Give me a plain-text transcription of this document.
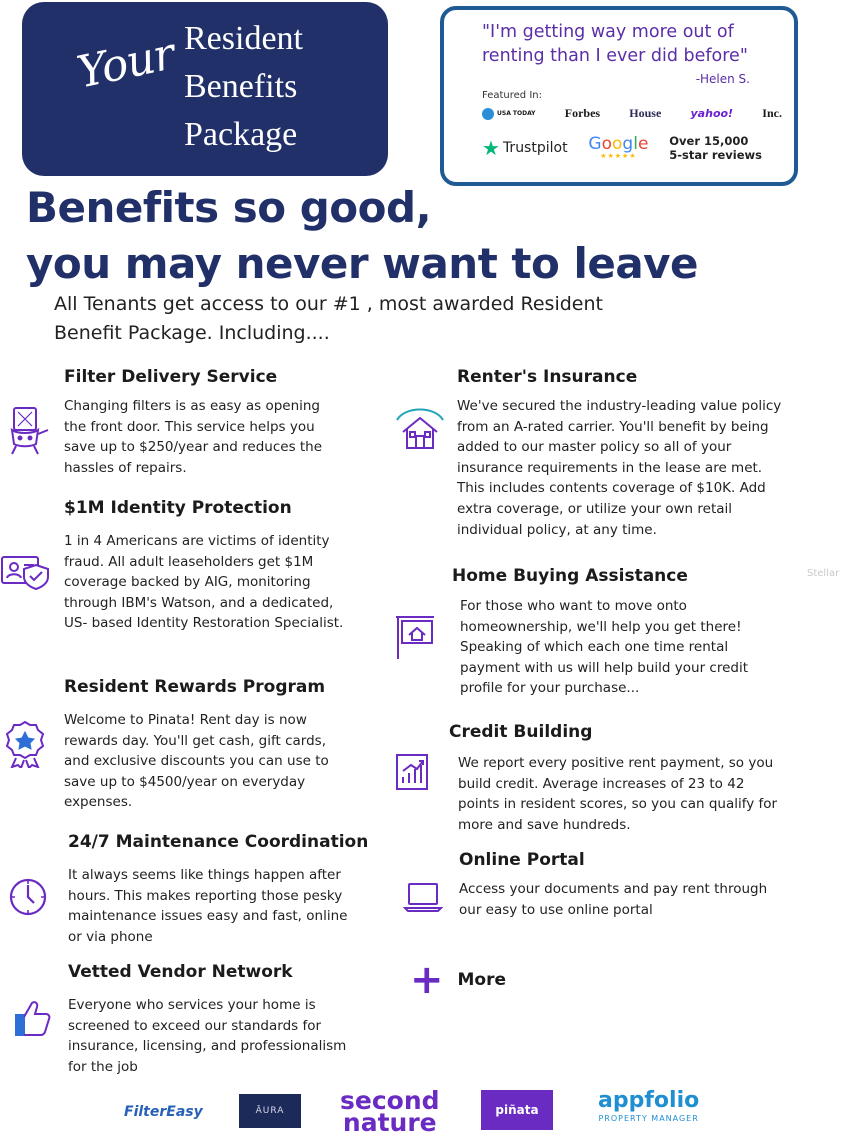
Your Resident
Benefits
Package
"I'm getting way more out of renting than I ever did before"
-Helen S.
Featured In:
USA TODAY Forbes House	yahoo! Inc.
★ Trustpilot Google
★★★★★
Over 15,000
5-star reviews
Benefits so good,
you may never want to leave
All Tenants get access to our #1 , most awarded Resident
Benefit Package. Including....
Filter Delivery Service
Changing filters is as easy as opening the front door. This service helps you save up to $250/year and reduces the hassles of repairs.
$1M Identity Protection
1 in 4 Americans are victims of identity fraud. All adult leaseholders get $1M coverage backed by AIG, monitoring through IBM's Watson, and a dedicated, US- based Identity Restoration Specialist.
Resident Rewards Program
Welcome to Pinata! Rent day is now rewards day. You'll get cash, gift cards, and exclusive discounts you can use to save up to $4500/year on everyday expenses.
24/7 Maintenance Coordination
It always seems like things happen after hours. This makes reporting those pesky maintenance issues easy and fast, online or via phone
Vetted Vendor Network
Everyone who services your home is screened to exceed our standards for insurance, licensing, and professionalism for the job
Renter's Insurance
We've secured the industry-leading value policy from an A-rated carrier. You'll benefit by being added to our master policy so all of your insurance requirements in the lease are met. This includes contents coverage of $10K. Add extra coverage, or utilize your own retail individual policy, at any time.
Home Buying Assistance
For those who want to move onto homeownership, we'll help you get there! Speaking of which each one time rental payment with us will help build your credit profile for your purchase...
Credit Building
We report every positive rent payment, so you build credit. Average increases of 23 to 42 points in resident scores, so you can qualify for more and save hundreds.
Online Portal
Access your documents and pay rent through our easy to use online portal
+ More
Stellar
FilterEasy	ĀURA	second
nature	piñata	appfolio
PROPERTY MANAGER
